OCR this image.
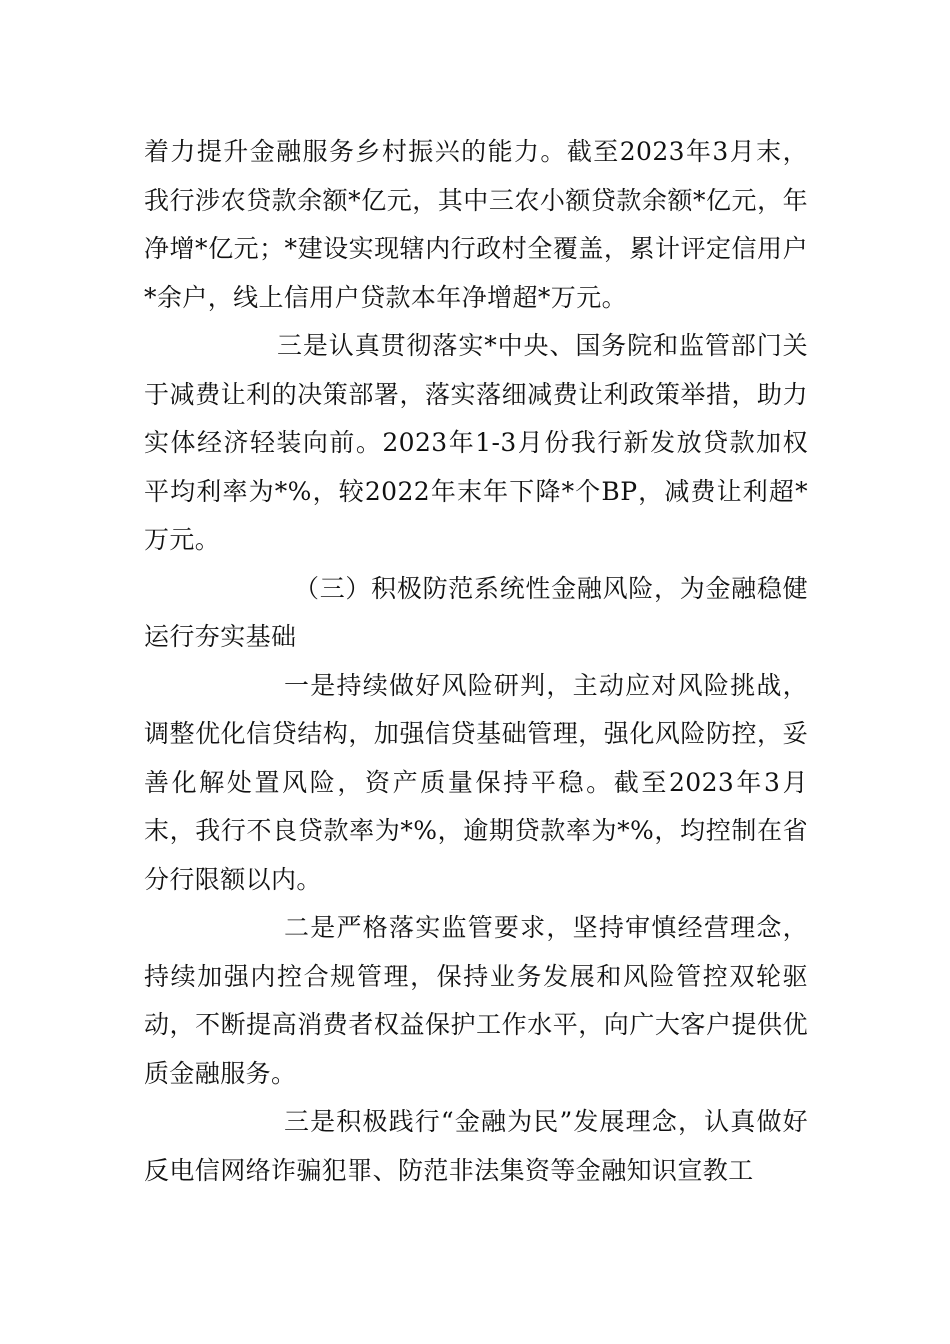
着力提升金融服务乡村振兴的能力。截至2023年3月末，我行涉农贷款余额*亿元，其中三农小额贷款余额*亿元，年净增*亿元；*建设实现辖内行政村全覆盖，累计评定信用户*余户，线上信用户贷款本年净增超*万元。

三是认真贯彻落实*中央、国务院和监管部门关于减费让利的决策部署，落实落细减费让利政策举措，助力实体经济轻装向前。2023年1-3月份我行新发放贷款加权平均利率为*%，较2022年末年下降*个BP，减费让利超*万元。

（三）积极防范系统性金融风险，为金融稳健运行夯实基础

一是持续做好风险研判，主动应对风险挑战，调整优化信贷结构，加强信贷基础管理，强化风险防控，妥善化解处置风险，资产质量保持平稳。截至2023年3月末，我行不良贷款率为*%，逾期贷款率为*%，均控制在省分行限额以内。

二是严格落实监管要求，坚持审慎经营理念，持续加强内控合规管理，保持业务发展和风险管控双轮驱动，不断提高消费者权益保护工作水平，向广大客户提供优质金融服务。

三是积极践行“金融为民”发展理念，认真做好反电信网络诈骗犯罪、防范非法集资等金融知识宣教工
